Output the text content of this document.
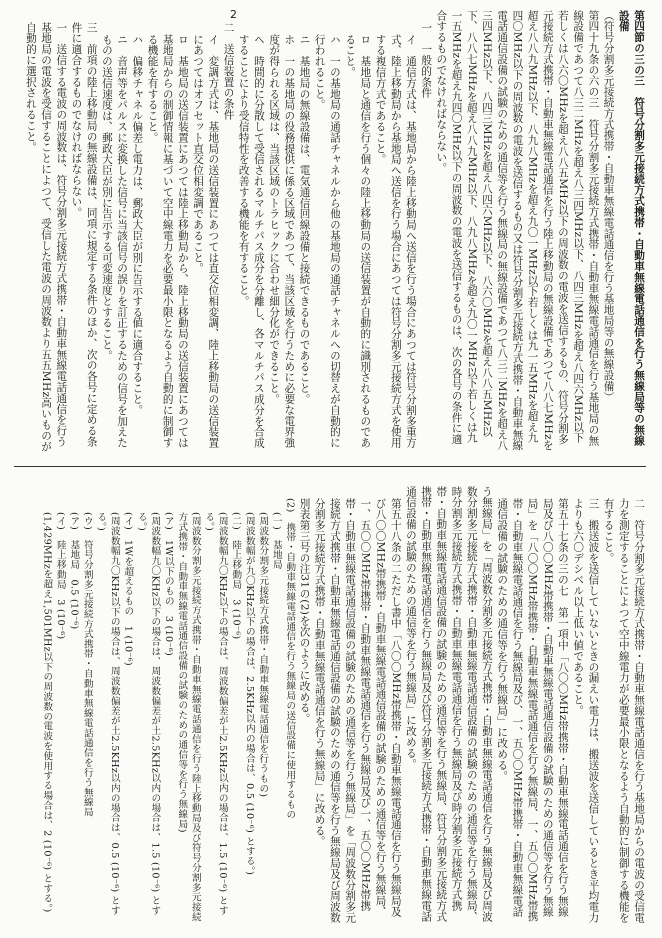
2	第四節の三の三　符号分割多元接続方式携帯・自動車無線電話通信を行う無線局等の無線設備
（符号分割多元接続方式携帯・自動車無線電話通信を行う基地局等の無線設備）
第四十九条の六の三　符号分割多元接続方式携帯・自動車無線電話通信を行う基地局の無線設備であつて八三二MHzを超え八三四MHz以下、八四三MHzを超え八四六MHz以下若しくは八六〇MHzを超え八八五MHz以下の周波数の電波を送信するもの、符号分割多元接続方式携帯・自動車無線電話通信を行う陸上移動局の無線設備であつて八八七MHzを超え八八九MHz以下、八九八MHzを超え九〇一MHz以下若しくは九一五MHzを超え九四〇MHz以下の周波数の電波を送信するもの又は符号分割多元接続方式携帯・自動車無線電話通信設備の試験のための通信等を行う無線局の無線設備であつて八三二MHzを超え八三四MHz以下、八四三MHzを超え八四六MHz以下、八六〇MHzを超え八八五MHz以下、八八七MHzを超え八八九MHz以下、八九八MHzを超え九〇一MHz以下若しくは九一五MHzを超え九四〇MHz以下の周波数の電波を送信するものは、次の各号の条件に適合するものでなければならない。
一　一般的条件
イ　通信方式は、基地局から陸上移動局へ送信を行う場合にあつては符号分割多重方式、陸上移動局から基地局へ送信を行う場合にあつては符号分割多元接続方式を使用する複信方式であること。
ロ　基地局と通信を行う個々の陸上移動局の送信装置が自動的に識別されるものであること。
ハ　一の基地局の通話チャネルから他の基地局の通話チャネルへの切替えが自動的に行われること。
ニ　基地局の無線設備は、電気通信回線設備と接続できるものであること。
ホ　一の基地局の役務提供に係る区域であつて、当該区域を行うために必要な電界強度が得られる区域は、当該区域のトラヒックに合わせ細分化ができること。
ヘ　時間的に分散して受信されるマルチパス成分を分離し、各マルチパス成分を合成することにより受信特性を改善する機能を有すること。
二　送信装置の条件
イ　変調方式は、基地局の送信装置にあつては直交位相変調、陸上移動局の送信装置にあつてはオフセット直交位相変調であること。
ロ　基地局の送信装置にあつては陸上移動局から、陸上移動局の送信装置にあつては基地局からの制御情報に基づいて空中線電力を必要最小限となるよう自動的に制御する機能を有すること。
ハ　偏移チャネル偏差し電力は、郵政大臣が別に告示する値に適合すること。
ニ　音声等をパルスに変換した信号に当該信号の誤りを訂正するための信号を加えたものの送信速度は、郵政大臣が別に告示する可変速度とすること。
三　前項の陸上移動局の無線設備は、同項に規定する条件のほか、次の各号に定める条件に適合するものでなければならない。
一　送信する電波の周波数は、符号分割多元接続方式携帯・自動車無線電話通信を行う基地局の電波を受信することによつて、受信した電波の周波数より五五MHz高いものが自動的に選択されること。
二　符号分割多元接続方式携帯・自動車無線電話通信を行う基地局からの電波の受信電力を測定することによつて空中線電力が必要最小限となるよう自動的に制御する機能を有すること。
三　搬送波を送信していないときの漏えい電力は、搬送波を送信しているとき平均電力よりも六〇デシベル以上低い値であること。
第五十七条の三の七　第一項中「八〇〇MHz帯携帯・自動車無線電話通信を行う無線局及び八〇〇MHz帯携帯・自動車無線電話通信設備の試験のための通信等を行う無線局」を「八〇〇MHz帯携帯・自動車無線電話通信を行う無線局、一、五〇〇MHz帯携帯・自動車無線電話通信を行う無線局及び、一、五〇〇MHz帯携帯・自動車無線電話通信設備の試験のための通信等を行う無線局」に改める。
う無線局」を「周波数分割多元接続方式携帯・自動車無線電話通信を行う無線局及び周波数分割多元接続方式携帯・自動車無線電話通信設備の試験のための通信等を行う無線局、時分割多元接続方式携帯・自動車無線電話通信を行う無線局及び時分割多元接続方式携帯・自動車無線電話通信設備の試験のための通信等を行う無線局、符号分割多元接続方式携帯・自動車無線電話通信を行う無線局及び符号分割多元接続方式携帯・自動車無線電話通信設備の試験のための通信等を行う無線局」に改める。
第五十八条の二ただし書中「八〇〇MHz帯携帯・自動車無線電話通信を行う無線局及び八〇〇MHz帯携帯・自動車無線電話通信設備の試験のための通信等を行う無線局、一、五〇〇MHz帯携帯・自動車無線電話通信を行う無線局及び一、五〇〇MHz帯携帯・自動車無線電話通信設備の試験のための通信等を行う無線局」を「周波数分割多元接続方式携帯・自動車無線電話通信設備の試験のための通信等を行う無線局及び周波数分割多元接続方式携帯・自動車無線電話通信を行う無線局」に改める。
別表第三号の注31の(2)を次のように改める。
(2)　携帯・自動車無線電話通信を行う無線局の送信設備に使用するもの
(一)　基地局
(周波数分割多元接続方式携帯・自動車無線電話通信を行うもの)
(周波数幅が九〇KHz以下の場合は、2.5KHz以内の場合は、0.5 (10⁻⁶) とする。)
(二)　陸上移動局　3 (10⁻⁶)
(周波数幅九〇KHz以下の場合は、周波数偏差が土2.5KHz以内の場合は、1.5 (10⁻⁶) とする。)
(周波数分割多元接続方式携帯・自動車無線電話通信を行う陸上移動局及び符号分割多元接続方式携帯・自動車無線電話通信設備の試験のための通信等を行う無線局)
(ア)　1W以下のもの　3 (10⁻⁶)
(周波数幅九〇KHz以下の場合は、周波数偏差が土2.5KHz以内の場合は、1.5 (10⁻⁶) とする。)
(イ)　1Wを超えるもの　1 (10⁻⁶)
(周波数幅九〇KHz以下の場合は、周波数偏差が土2.5KHz以内の場合は、0.5 (10⁻⁶) とする。)
(ウ)　符号分割多元接続方式携帯・自動車無線電話通信を行う無線局
(ア)　基地局　0.5 (10⁻⁶)
(イ)　陸上移動局　3 (10⁻⁶)
(1,429MHzを超え1,501MHz以下の周波数の電波を使用する場合は、2 (10⁻⁶) とする。)
